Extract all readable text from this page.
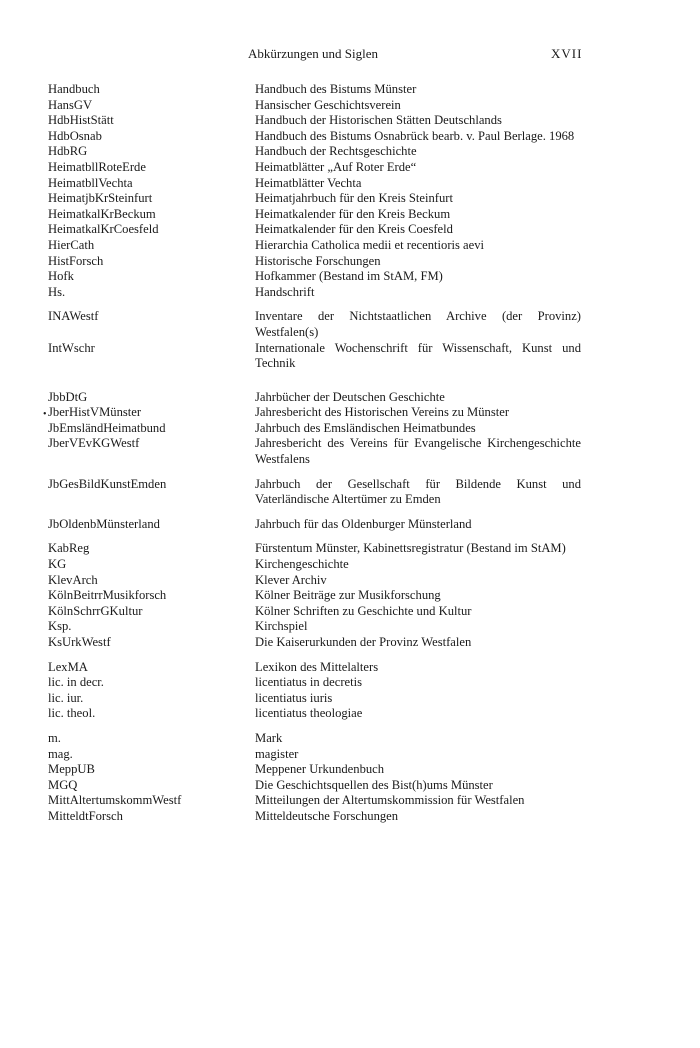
Abkürzungen und Siglen	XVII
Handbuch	Handbuch des Bistums Münster
HansGV	Hansischer Geschichtsverein
HdbHistStätt	Handbuch der Historischen Stätten Deutschlands
HdbOsnab	Handbuch des Bistums Osnabrück bearb. v. Paul Berlage. 1968
HdbRG	Handbuch der Rechtsgeschichte
HeimatbllRoteErde	Heimatblätter „Auf Roter Erde“
HeimatbllVechta	Heimatblätter Vechta
HeimatjbKrSteinfurt	Heimatjahrbuch für den Kreis Steinfurt
HeimatkalKrBeckum	Heimatkalender für den Kreis Beckum
HeimatkalKrCoesfeld	Heimatkalender für den Kreis Coesfeld
HierCath	Hierarchia Catholica medii et recentioris aevi
HistForsch	Historische Forschungen
Hofk	Hofkammer (Bestand im StAM, FM)
Hs.	Handschrift
INAWestf	Inventare der Nichtstaatlichen Archive (der Provinz) Westfalen(s)
IntWschr	Internationale Wochenschrift für Wissenschaft, Kunst und Technik
JbbDtG	Jahrbücher der Deutschen Geschichte
• JberHistVMünster	Jahresbericht des Historischen Vereins zu Münster
JbEmsländHeimatbund	Jahrbuch des Emsländischen Heimatbundes
JberVEvKGWestf	Jahresbericht des Vereins für Evangelische Kirchengeschichte Westfalens
JbGesBildKunstEmden	Jahrbuch der Gesellschaft für Bildende Kunst und Vaterländische Altertümer zu Emden
JbOldenbMünsterland	Jahrbuch für das Oldenburger Münsterland
KabReg	Fürstentum Münster, Kabinettsregistratur (Bestand im StAM)
KG	Kirchengeschichte
KlevArch	Klever Archiv
KölnBeitrrMusikforsch	Kölner Beiträge zur Musikforschung
KölnSchrrGKultur	Kölner Schriften zu Geschichte und Kultur
Ksp.	Kirchspiel
KsUrkWestf	Die Kaiserurkunden der Provinz Westfalen
LexMA	Lexikon des Mittelalters
lic. in decr.	licentiatus in decretis
lic. iur.	licentiatus iuris
lic. theol.	licentiatus theologiae
m.	Mark
mag.	magister
MeppUB	Meppener Urkundenbuch
MGQ	Die Geschichtsquellen des Bist(h)ums Münster
MittAltertumskommWestf	Mitteilungen der Altertumskommission für Westfalen
MitteldtForsch	Mitteldeutsche Forschungen
